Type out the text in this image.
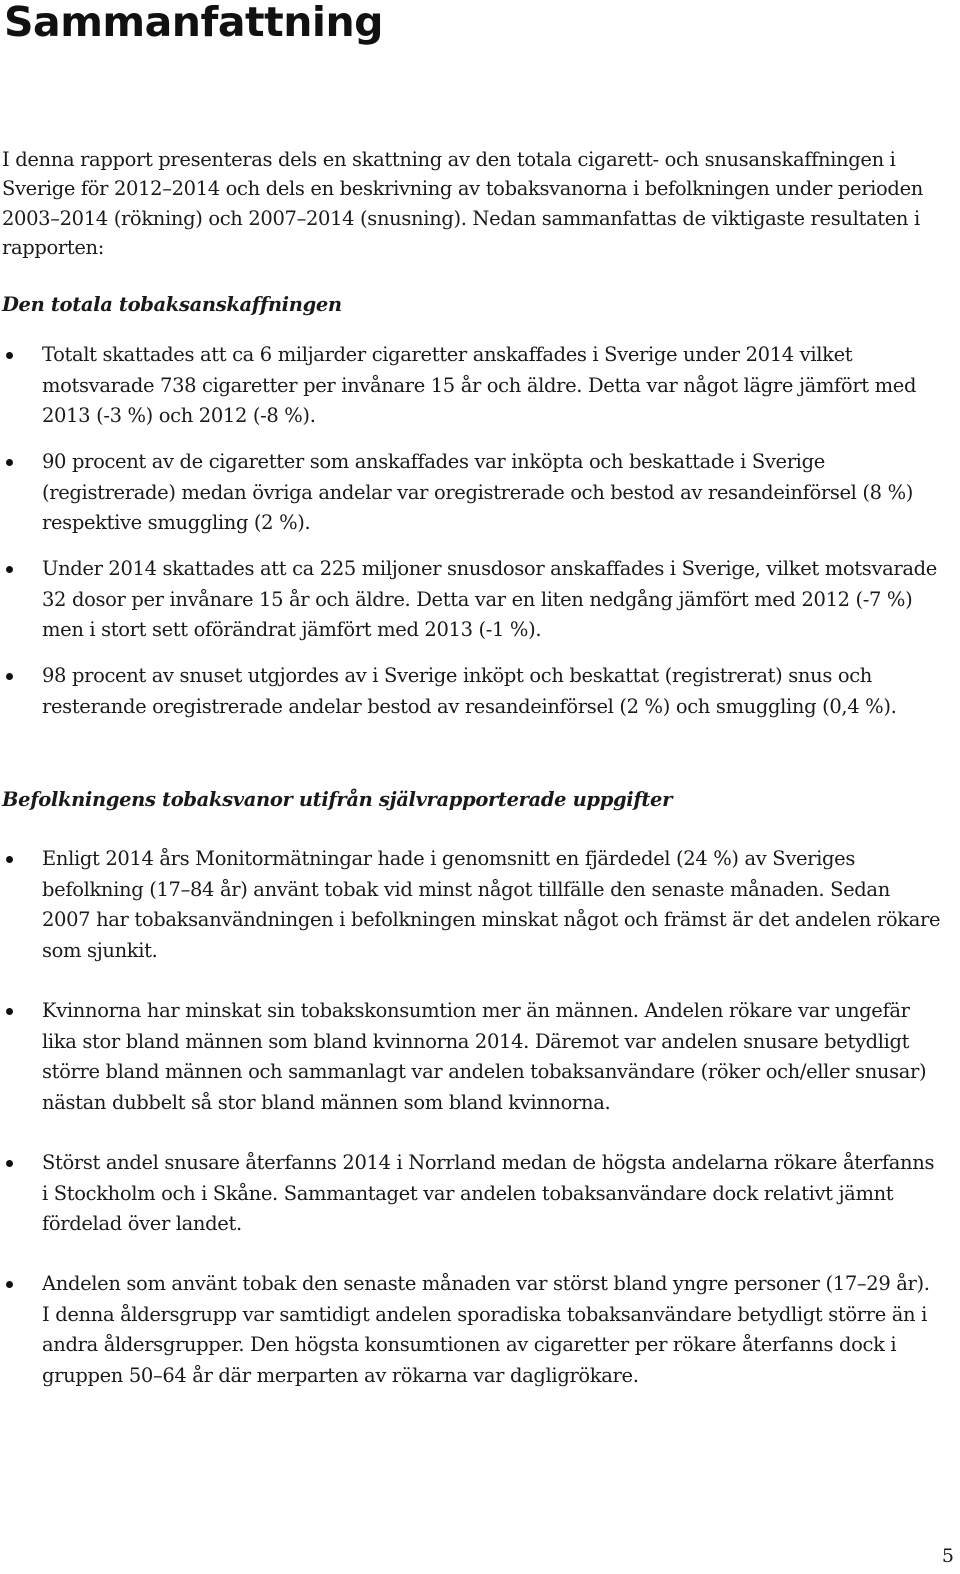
Sammanfattning

I denna rapport presenteras dels en skattning av den totala cigarett- och snusanskaffningen i Sverige för 2012–2014 och dels en beskrivning av tobaksvanorna i befolkningen under perioden 2003–2014 (rökning) och 2007–2014 (snusning). Nedan sammanfattas de viktigaste resultaten i rapporten:

Den totala tobaksanskaffningen
Totalt skattades att ca 6 miljarder cigaretter anskaffades i Sverige under 2014 vilket motsvarade 738 cigaretter per invånare 15 år och äldre. Detta var något lägre jämfört med 2013 (-3 %) och 2012 (-8 %).
90 procent av de cigaretter som anskaffades var inköpta och beskattade i Sverige (registrerade) medan övriga andelar var oregistrerade och bestod av resandeinförsel (8 %) respektive smuggling (2 %).
Under 2014 skattades att ca 225 miljoner snusdosor anskaffades i Sverige, vilket motsvarade 32 dosor per invånare 15 år och äldre. Detta var en liten nedgång jämfört med 2012 (-7 %) men i stort sett oförändrat jämfört med 2013 (-1 %).
98 procent av snuset utgjordes av i Sverige inköpt och beskattat (registrerat) snus och resterande oregistrerade andelar bestod av resandeinförsel (2 %) och smuggling (0,4 %).
Befolkningens tobaksvanor utifrån självrapporterade uppgifter
Enligt 2014 års Monitormätningar hade i genomsnitt en fjärdedel (24 %) av Sveriges befolkning (17–84 år) använt tobak vid minst något tillfälle den senaste månaden. Sedan 2007 har tobaksanvändningen i befolkningen minskat något och främst är det andelen rökare som sjunkit.
Kvinnorna har minskat sin tobakskonsumtion mer än männen. Andelen rökare var ungefär lika stor bland männen som bland kvinnorna 2014. Däremot var andelen snusare betydligt större bland männen och sammanlagt var andelen tobaksanvändare (röker och/eller snusar) nästan dubbelt så stor bland männen som bland kvinnorna.
Störst andel snusare återfanns 2014 i Norrland medan de högsta andelarna rökare återfanns i Stockholm och i Skåne. Sammantaget var andelen tobaksanvändare dock relativt jämnt fördelad över landet.
Andelen som använt tobak den senaste månaden var störst bland yngre personer (17–29 år). I denna åldersgrupp var samtidigt andelen sporadiska tobaksanvändare betydligt större än i andra åldersgrupper. Den högsta konsumtionen av cigaretter per rökare återfanns dock i gruppen 50–64 år där merparten av rökarna var dagligrökare.
5
